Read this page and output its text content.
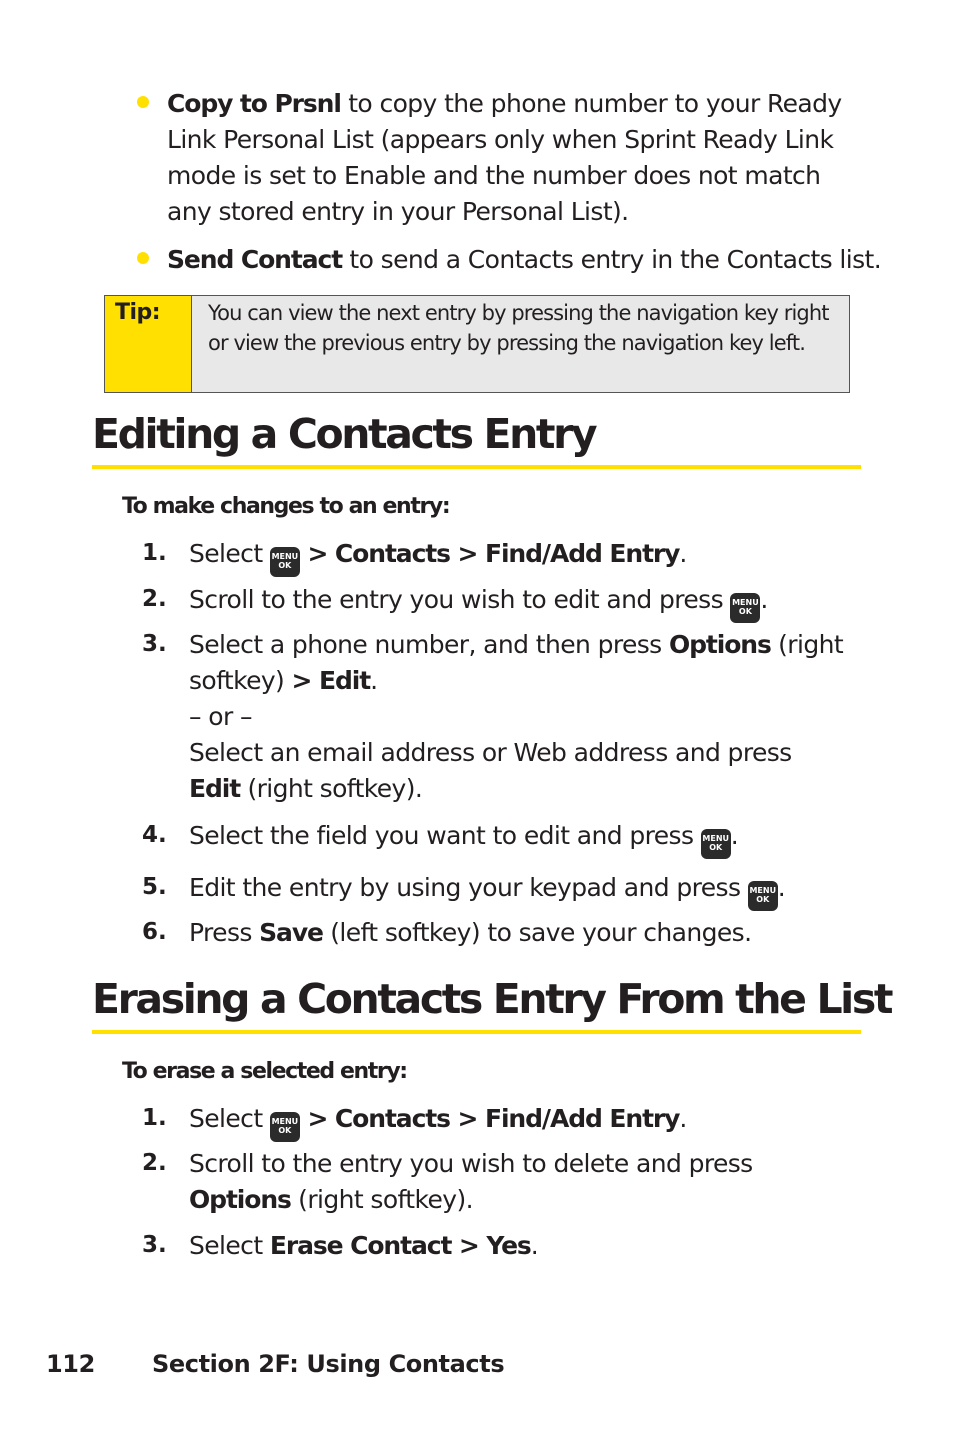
Copy to Prsnl to copy the phone number to your Ready Link Personal List (appears only when Sprint Ready Link mode is set to Enable and the number does not match any stored entry in your Personal List).
Send Contact to send a Contacts entry in the Contacts list.
Tip: You can view the next entry by pressing the navigation key right or view the previous entry by pressing the navigation key left.
Editing a Contacts Entry
To make changes to an entry:
1. Select MENU
OK > Contacts > Find/Add Entry.
2. Scroll to the entry you wish to edit and press MENU
OK .
3. Select a phone number, and then press Options (right softkey) > Edit.
– or –
Select an email address or Web address and press Edit (right softkey).
4. Select the field you want to edit and press MENU
OK .
5. Edit the entry by using your keypad and press MENU
OK .
6. Press Save (left softkey) to save your changes.
Erasing a Contacts Entry From the List
To erase a selected entry:
1. Select MENU
OK > Contacts > Find/Add Entry.
2. Scroll to the entry you wish to delete and press Options (right softkey).
3. Select Erase Contact > Yes.
112 Section 2F: Using Contacts
